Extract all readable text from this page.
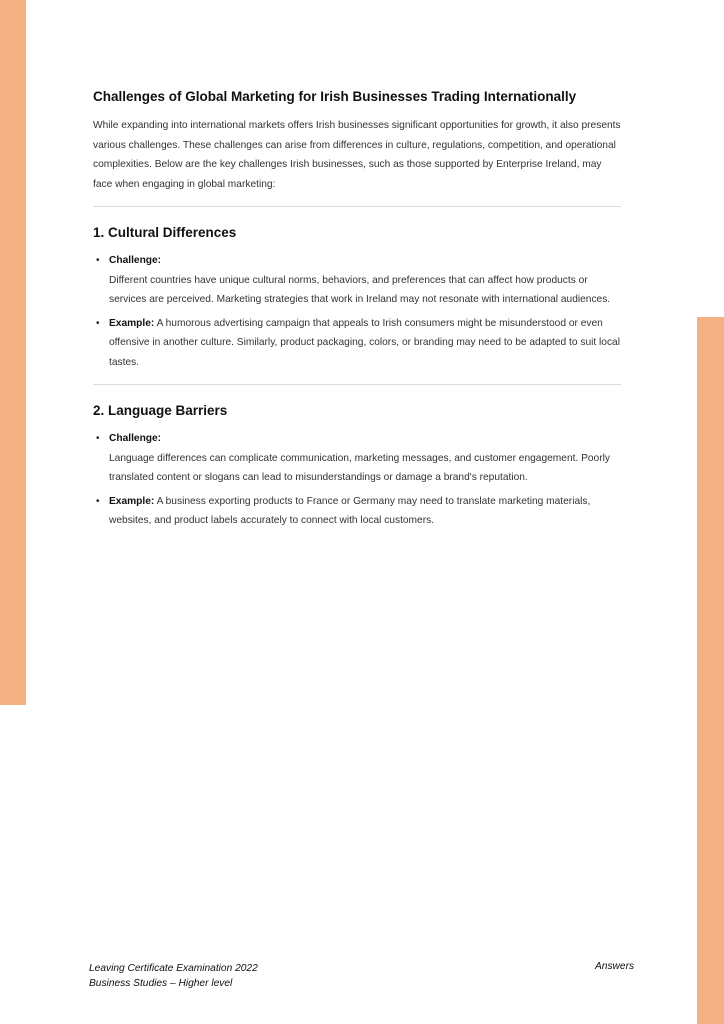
Challenges of Global Marketing for Irish Businesses Trading Internationally

While expanding into international markets offers Irish businesses significant opportunities for growth, it also presents various challenges. These challenges can arise from differences in culture, regulations, competition, and operational complexities. Below are the key challenges Irish businesses, such as those supported by Enterprise Ireland, may face when engaging in global marketing:

1. Cultural Differences
• Challenge:
Different countries have unique cultural norms, behaviors, and preferences that can affect how products or services are perceived. Marketing strategies that work in Ireland may not resonate with international audiences.
• Example: A humorous advertising campaign that appeals to Irish consumers might be misunderstood or even offensive in another culture. Similarly, product packaging, colors, or branding may need to be adapted to suit local tastes.
2. Language Barriers
• Challenge:
Language differences can complicate communication, marketing messages, and customer engagement. Poorly translated content or slogans can lead to misunderstandings or damage a brand's reputation.
• Example: A business exporting products to France or Germany may need to translate marketing materials, websites, and product labels accurately to connect with local customers.
Leaving Certificate Examination 2022
Business Studies – Higher level
Answers
